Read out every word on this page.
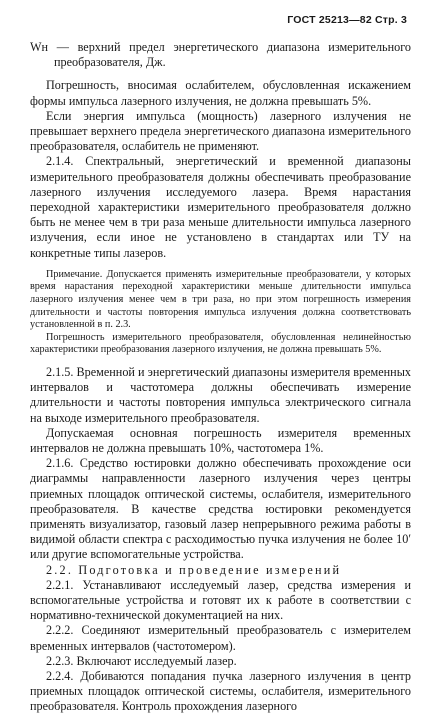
ГОСТ 25213—82 Стр. 3

Wн — верхний предел энергетического диапазона измерительного преобразователя, Дж.

Погрешность, вносимая ослабителем, обусловленная искажением формы импульса лазерного излучения, не должна превышать 5%.

Если энергия импульса (мощность) лазерного излучения не превышает верхнего предела энергетического диапазона измерительного преобразователя, ослабитель не применяют.

2.1.4. Спектральный, энергетический и временной диапазоны измерительного преобразователя должны обеспечивать преобразование лазерного излучения исследуемого лазера. Время нарастания переходной характеристики измерительного преобразователя должно быть не менее чем в три раза меньше длительности импульса лазерного излучения, если иное не установлено в стандартах или ТУ на конкретные типы лазеров.

Примечание. Допускается применять измерительные преобразователи, у которых время нарастания переходной характеристики меньше длительности импульса лазерного излучения менее чем в три раза, но при этом погрешность измерения длительности и частоты повторения импульса излучения должна соответствовать установленной в п. 2.3.

Погрешность измерительного преобразователя, обусловленная нелинейностью характеристики преобразования лазерного излучения, не должна превышать 5%.

2.1.5. Временной и энергетический диапазоны измерителя временных интервалов и частотомера должны обеспечивать измерение длительности и частоты повторения импульса электрического сигнала на выходе измерительного преобразователя.

Допускаемая основная погрешность измерителя временных интервалов не должна превышать 10%, частотомера 1%.

2.1.6. Средство юстировки должно обеспечивать прохождение оси диаграммы направленности лазерного излучения через центры приемных площадок оптической системы, ослабителя, измерительного преобразователя. В качестве средства юстировки рекомендуется применять визуализатор, газовый лазер непрерывного режима работы в видимой области спектра с расходимостью пучка излучения не более 10′ или другие вспомогательные устройства.

2.2. Подготовка и проведение измерений

2.2.1. Устанавливают исследуемый лазер, средства измерения и вспомогательные устройства и готовят их к работе в соответствии с нормативно-технической документацией на них.

2.2.2. Соединяют измерительный преобразователь с измерителем временных интервалов (частотомером).

2.2.3. Включают исследуемый лазер.

2.2.4. Добиваются попадания пучка лазерного излучения в центр приемных площадок оптической системы, ослабителя, измерительного преобразователя. Контроль прохождения лазерного
